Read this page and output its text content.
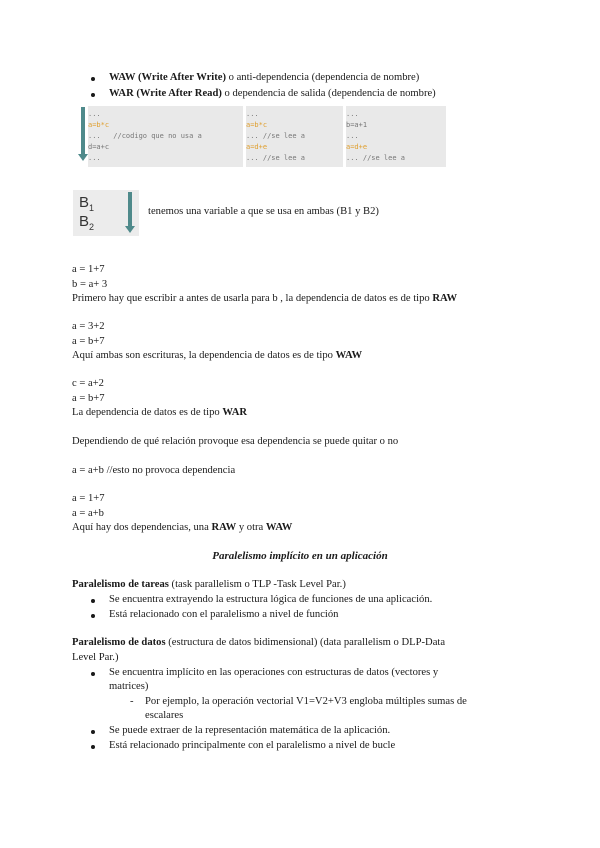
WAW (Write After Write) o anti-dependencia (dependencia de nombre)
WAR (Write After Read) o dependencia de salida (dependencia de nombre)
...
a=b*c
...   //codigo que no usa a
d=a+c
...
...
a=b*c
... //se lee a
a=d+e
... //se lee a
...
b=a+1
...
a=d+e
... //se lee a
$B_1$
$B_2$
tenemos una variable a que se usa en ambas (B1 y B2)
a = 1+7
b = a+ 3
Primero hay que escribir a antes de usarla para b , la dependencia de datos es de tipo RAW
a = 3+2
a = b+7
Aquí ambas son escrituras, la dependencia de datos es de tipo WAW
c = a+2
a = b+7
La dependencia de datos es de tipo WAR
Dependiendo de qué relación provoque esa dependencia se puede quitar o no
a = a+b //esto no provoca dependencia
a = 1+7
a = a+b
Aquí hay dos dependencias, una RAW y otra WAW
Paralelismo implícito en un aplicación
Paralelismo de tareas (task parallelism o TLP -Task Level Par.)
Se encuentra extrayendo la estructura lógica de funciones de una aplicación.
Está relacionado con el paralelismo a nivel de función
Paralelismo de datos (estructura de datos bidimensional) (data parallelism o DLP-Data
Level Par.)
Se encuentra implícito en las operaciones con estructuras de datos (vectores y
matrices)
- Por ejemplo, la operación vectorial V1=V2+V3 engloba múltiples sumas de
escalares
Se puede extraer de la representación matemática de la aplicación.
Está relacionado principalmente con el paralelismo a nivel de bucle
